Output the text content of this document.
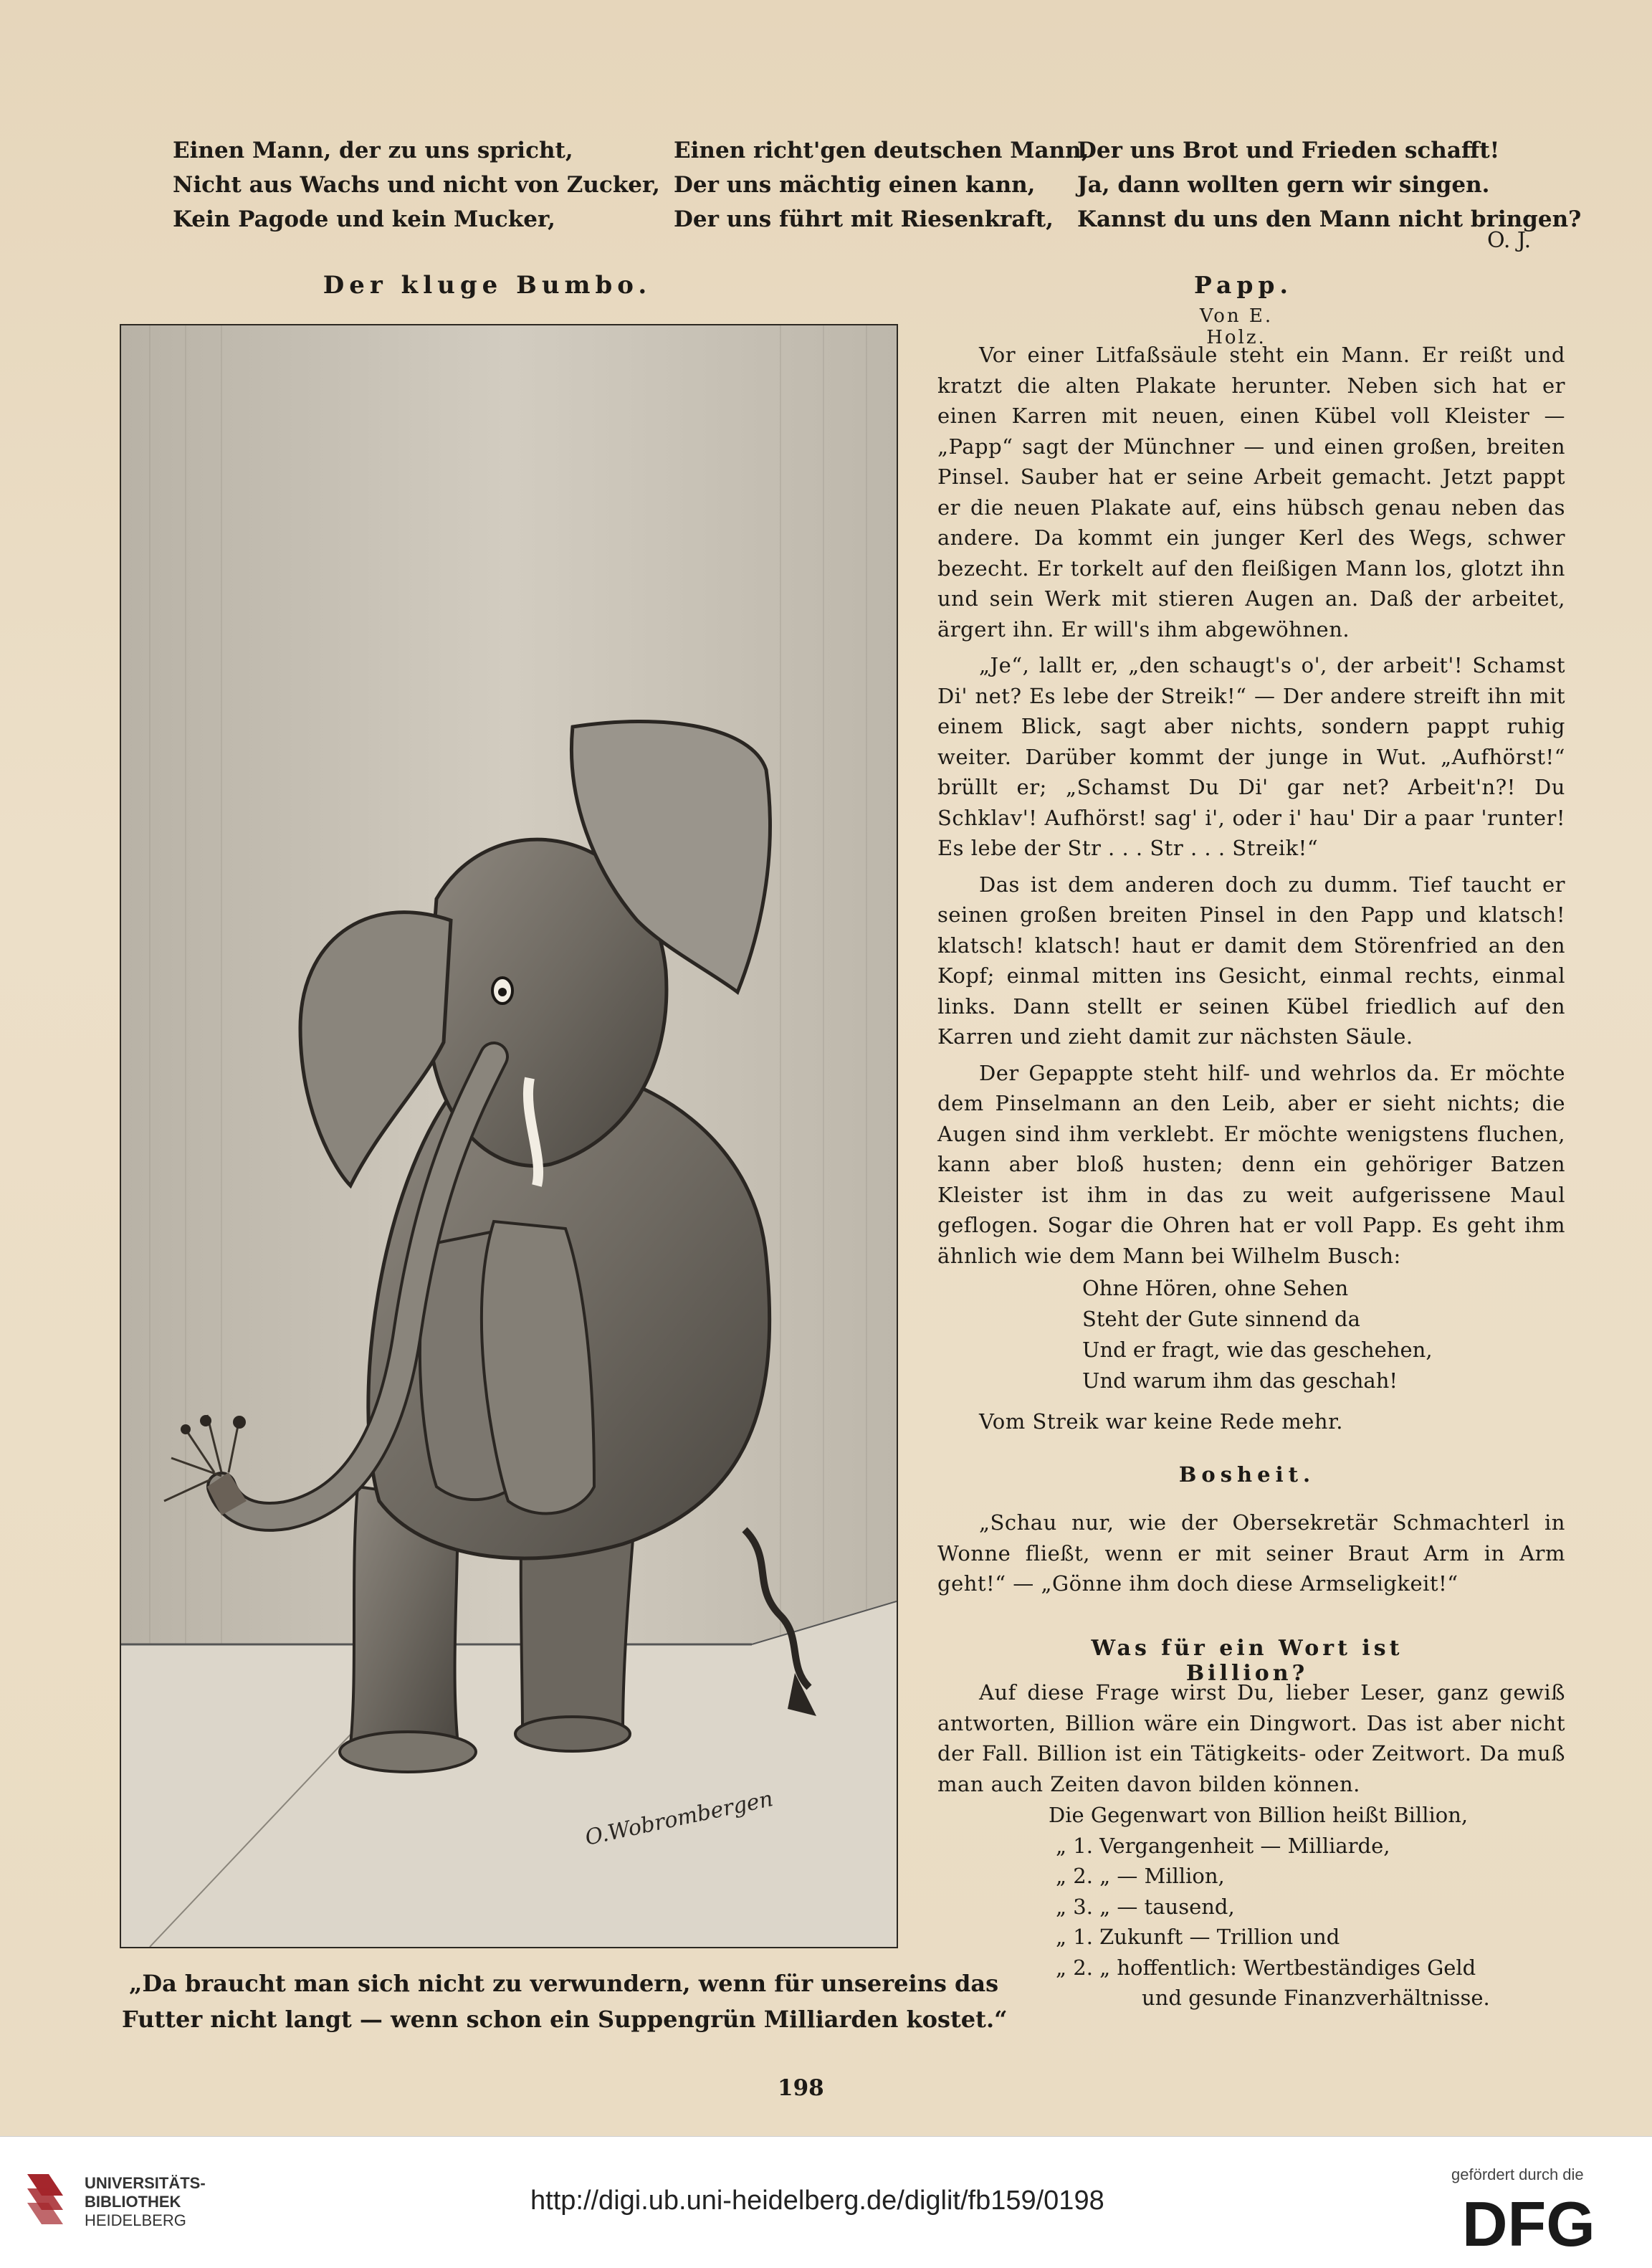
Einen Mann, der zu uns spricht,
Nicht aus Wachs und nicht von Zucker,
Kein Pagode und kein Mucker,
Einen richt'gen deutschen Mann,
Der uns mächtig einen kann,
Der uns führt mit Riesenkraft,
Der uns Brot und Frieden schafft!
Ja, dann wollten gern wir singen.
Kannst du uns den Mann nicht bringen?
O. J.
Der kluge Bumbo.
O.Wobrombergen
„Da braucht man sich nicht zu verwundern, wenn für unsereins das
Futter nicht langt — wenn schon ein Suppengrün Milliarden kostet.“
Papp.
Von E. Holz.

Vor einer Litfaßsäule steht ein Mann. Er reißt und kratzt die alten Plakate herunter. Neben sich hat er einen Karren mit neuen, einen Kübel voll Kleister — „Papp“ sagt der Münchner — und einen großen, breiten Pinsel. Sauber hat er seine Arbeit gemacht. Jetzt pappt er die neuen Plakate auf, eins hübsch genau neben das andere. Da kommt ein junger Kerl des Wegs, schwer bezecht. Er torkelt auf den fleißigen Mann los, glotzt ihn und sein Werk mit stieren Augen an. Daß der arbeitet, ärgert ihn. Er will's ihm abgewöhnen.

„Je“, lallt er, „den schaugt's o', der arbeit'! Schamst Di' net? Es lebe der Streik!“ — Der andere streift ihn mit einem Blick, sagt aber nichts, sondern pappt ruhig weiter. Darüber kommt der junge in Wut. „Aufhörst!“ brüllt er; „Schamst Du Di' gar net? Arbeit'n?! Du Schklav'! Aufhörst! sag' i', oder i' hau' Dir a paar 'runter! Es lebe der Str . . . Str . . . Streik!“

Das ist dem anderen doch zu dumm. Tief taucht er seinen großen breiten Pinsel in den Papp und klatsch! klatsch! klatsch! haut er damit dem Störenfried an den Kopf; einmal mitten ins Gesicht, einmal rechts, einmal links. Dann stellt er seinen Kübel friedlich auf den Karren und zieht damit zur nächsten Säule.

Der Gepappte steht hilf- und wehrlos da. Er möchte dem Pinselmann an den Leib, aber er sieht nichts; die Augen sind ihm verklebt. Er möchte wenigstens fluchen, kann aber bloß husten; denn ein gehöriger Batzen Kleister ist ihm in das zu weit aufgerissene Maul geflogen. Sogar die Ohren hat er voll Papp. Es geht ihm ähnlich wie dem Mann bei Wilhelm Busch:

Ohne Hören, ohne Sehen
Steht der Gute sinnend da
Und er fragt, wie das geschehen,
Und warum ihm das geschah!

Vom Streik war keine Rede mehr.

Bosheit.

„Schau nur, wie der Obersekretär Schmachterl in Wonne fließt, wenn er mit seiner Braut Arm in Arm geht!“ — „Gönne ihm doch diese Armseligkeit!“

Was für ein Wort ist Billion?

Auf diese Frage wirst Du, lieber Leser, ganz gewiß antworten, Billion wäre ein Dingwort. Das ist aber nicht der Fall. Billion ist ein Tätigkeits- oder Zeitwort. Da muß man auch Zeiten davon bilden können.

Die Gegenwart von Billion heißt Billion,
„ 1. Vergangenheit — Milliarde,
„ 2. „ — Million,
„ 3. „ — tausend,
„ 1. Zukunft — Trillion und
„ 2. „ hoffentlich: Wertbeständiges Geld
und gesunde Finanzverhältnisse.
198
UNIVERSITÄTS-
BIBLIOTHEK
HEIDELBERG
http://digi.ub.uni-heidelberg.de/diglit/fb159/0198
gefördert durch die
DFG
